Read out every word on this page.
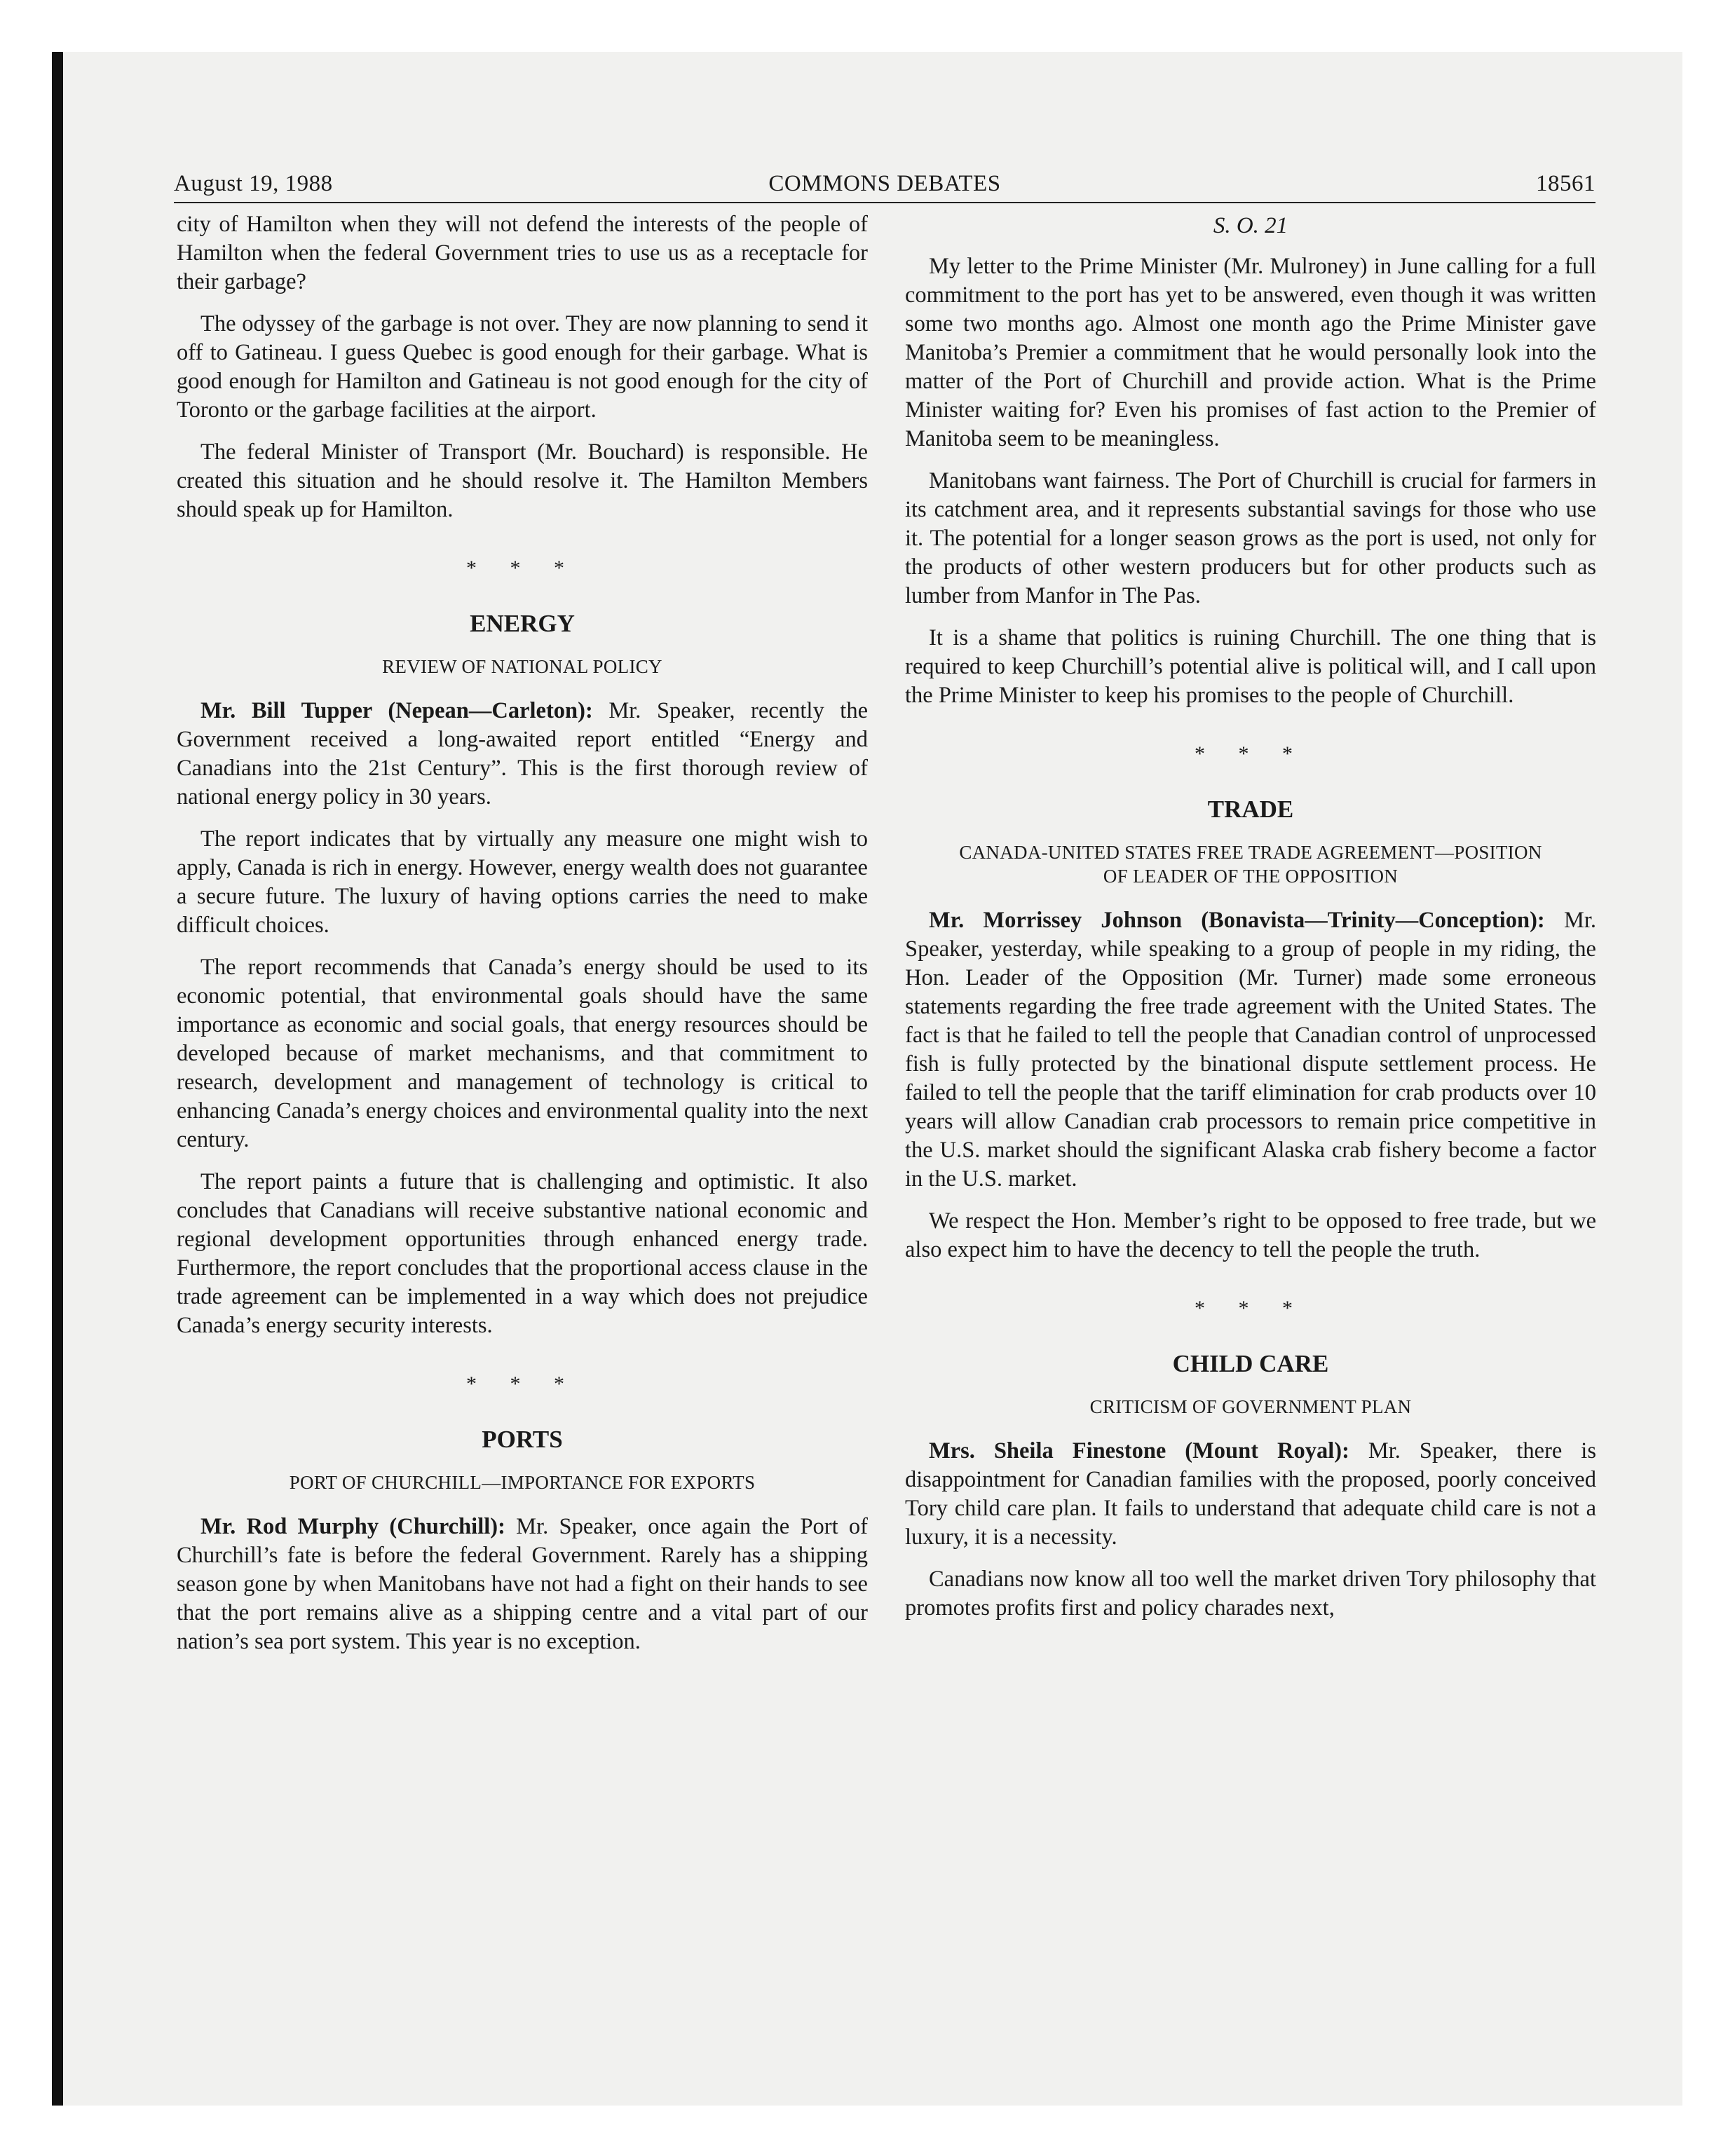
August 19, 1988	COMMONS DEBATES	18561

city of Hamilton when they will not defend the interests of the people of Hamilton when the federal Government tries to use us as a receptacle for their garbage?

The odyssey of the garbage is not over. They are now planning to send it off to Gatineau. I guess Quebec is good enough for their garbage. What is good enough for Hamilton and Gatineau is not good enough for the city of Toronto or the garbage facilities at the airport.

The federal Minister of Transport (Mr. Bouchard) is responsible. He created this situation and he should resolve it. The Hamilton Members should speak up for Hamilton.

* * *
ENERGY
REVIEW OF NATIONAL POLICY

Mr. Bill Tupper (Nepean—Carleton): Mr. Speaker, recently the Government received a long-awaited report entitled “Energy and Canadians into the 21st Century”. This is the first thorough review of national energy policy in 30 years.

The report indicates that by virtually any measure one might wish to apply, Canada is rich in energy. However, energy wealth does not guarantee a secure future. The luxury of having options carries the need to make difficult choices.

The report recommends that Canada’s energy should be used to its economic potential, that environmental goals should have the same importance as economic and social goals, that energy resources should be developed because of market mechanisms, and that commitment to research, development and management of technology is critical to enhancing Canada’s energy choices and environmental quality into the next century.

The report paints a future that is challenging and optimistic. It also concludes that Canadians will receive substantive national economic and regional development opportunities through enhanced energy trade. Furthermore, the report concludes that the proportional access clause in the trade agreement can be implemented in a way which does not prejudice Canada’s energy security interests.

* * *
PORTS
PORT OF CHURCHILL—IMPORTANCE FOR EXPORTS

Mr. Rod Murphy (Churchill): Mr. Speaker, once again the Port of Churchill’s fate is before the federal Government. Rarely has a shipping season gone by when Manitobans have not had a fight on their hands to see that the port remains alive as a shipping centre and a vital part of our nation’s sea port system. This year is no exception.

S. O. 21

My letter to the Prime Minister (Mr. Mulroney) in June calling for a full commitment to the port has yet to be answered, even though it was written some two months ago. Almost one month ago the Prime Minister gave Manitoba’s Premier a commitment that he would personally look into the matter of the Port of Churchill and provide action. What is the Prime Minister waiting for? Even his promises of fast action to the Premier of Manitoba seem to be meaningless.

Manitobans want fairness. The Port of Churchill is crucial for farmers in its catchment area, and it represents substantial savings for those who use it. The potential for a longer season grows as the port is used, not only for the products of other western producers but for other products such as lumber from Manfor in The Pas.

It is a shame that politics is ruining Churchill. The one thing that is required to keep Churchill’s potential alive is political will, and I call upon the Prime Minister to keep his promises to the people of Churchill.

* * *
TRADE
CANADA-UNITED STATES FREE TRADE AGREEMENT—POSITION
OF LEADER OF THE OPPOSITION

Mr. Morrissey Johnson (Bonavista—Trinity—Conception): Mr. Speaker, yesterday, while speaking to a group of people in my riding, the Hon. Leader of the Opposition (Mr. Turner) made some erroneous statements regarding the free trade agreement with the United States. The fact is that he failed to tell the people that Canadian control of unprocessed fish is fully protected by the binational dispute settlement process. He failed to tell the people that the tariff elimination for crab products over 10 years will allow Canadian crab processors to remain price competitive in the U.S. market should the significant Alaska crab fishery become a factor in the U.S. market.

We respect the Hon. Member’s right to be opposed to free trade, but we also expect him to have the decency to tell the people the truth.

* * *
CHILD CARE
CRITICISM OF GOVERNMENT PLAN

Mrs. Sheila Finestone (Mount Royal): Mr. Speaker, there is disappointment for Canadian families with the proposed, poorly conceived Tory child care plan. It fails to understand that adequate child care is not a luxury, it is a necessity.

Canadians now know all too well the market driven Tory philosophy that promotes profits first and policy charades next,
